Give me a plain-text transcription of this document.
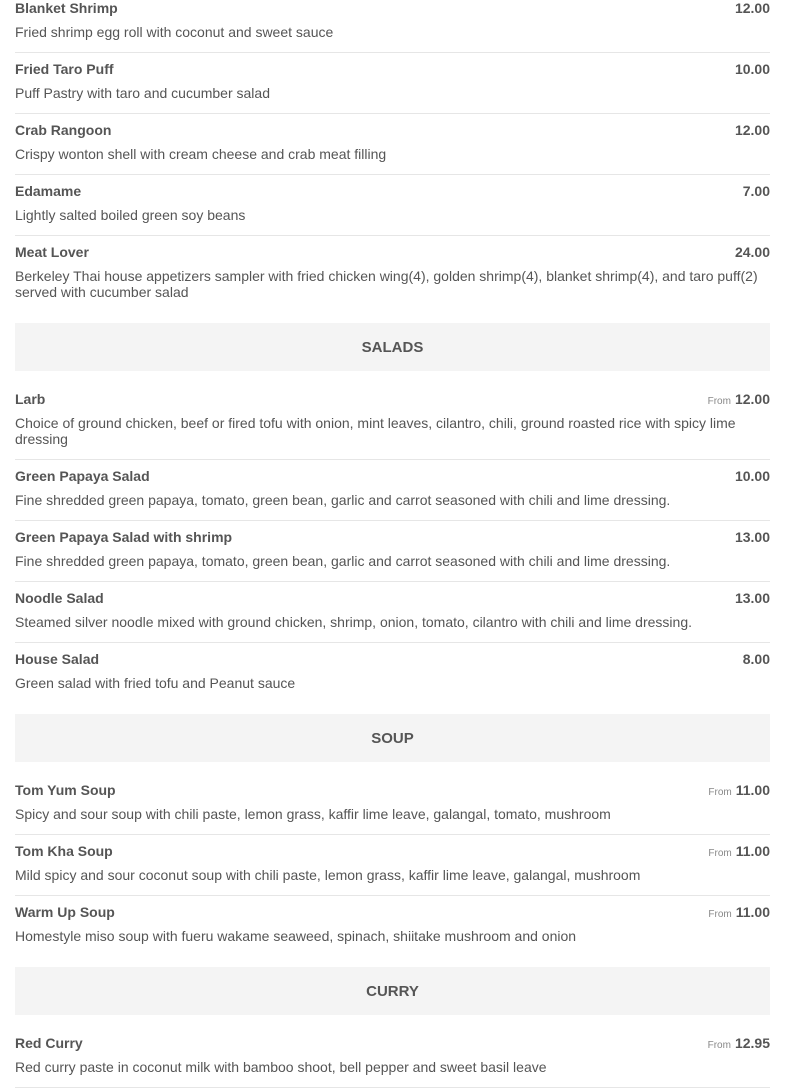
Blanket Shrimp	12.00
Fried shrimp egg roll with coconut and sweet sauce
Fried Taro Puff	10.00
Puff Pastry with taro and cucumber salad
Crab Rangoon	12.00
Crispy wonton shell with cream cheese and crab meat filling
Edamame	7.00
Lightly salted boiled green soy beans
Meat Lover	24.00
Berkeley Thai house appetizers sampler with fried chicken wing(4), golden shrimp(4), blanket shrimp(4), and taro puff(2) served with cucumber salad
SALADS
Larb	From 12.00
Choice of ground chicken, beef or fired tofu with onion, mint leaves, cilantro, chili, ground roasted rice with spicy lime dressing
Green Papaya Salad	10.00
Fine shredded green papaya, tomato, green bean, garlic and carrot seasoned with chili and lime dressing.
Green Papaya Salad with shrimp	13.00
Fine shredded green papaya, tomato, green bean, garlic and carrot seasoned with chili and lime dressing.
Noodle Salad	13.00
Steamed silver noodle mixed with ground chicken, shrimp, onion, tomato, cilantro with chili and lime dressing.
House Salad	8.00
Green salad with fried tofu and Peanut sauce
SOUP
Tom Yum Soup	From 11.00
Spicy and sour soup with chili paste, lemon grass, kaffir lime leave, galangal, tomato, mushroom
Tom Kha Soup	From 11.00
Mild spicy and sour coconut soup with chili paste, lemon grass, kaffir lime leave, galangal, mushroom
Warm Up Soup	From 11.00
Homestyle miso soup with fueru wakame seaweed, spinach, shiitake mushroom and onion
CURRY
Red Curry	From 12.95
Red curry paste in coconut milk with bamboo shoot, bell pepper and sweet basil leave
